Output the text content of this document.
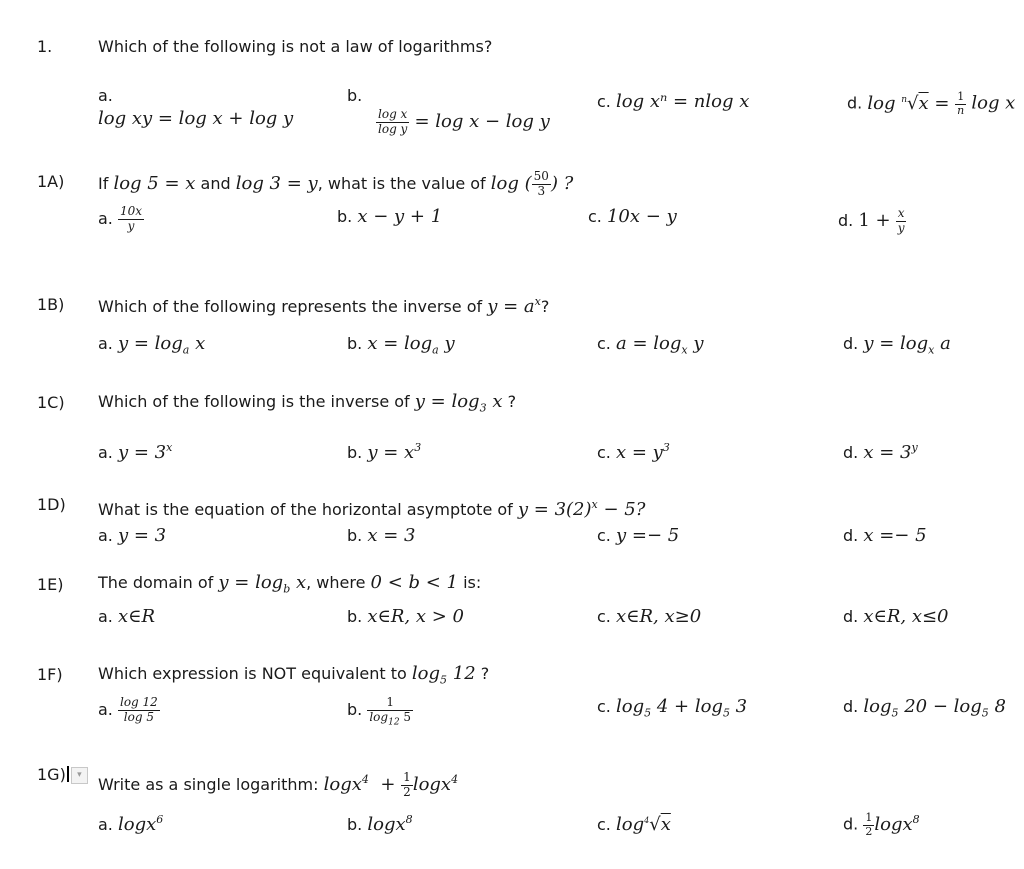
1.	Which of the following is not a law of logarithms?
a.
log xy = log x + log y
b.
$\frac{\text{log x}}{\text{log y}} = \log x - \log y$
c. log xⁿ = nlog x	d. $\log ^n√x = \frac{1}{n}$ log x
1A) If log 5 = x and log 3 = y, what is the value of log ( $\frac{50}{3}$ ) ?
a. $\frac{10x}{y}$	b. x − y + 1	c. 10x − y	d. $1 + \frac{x}{y}$
1B) Which of the following represents the inverse of $y = a^x$?
a. $y = \log_a x$	b. $x = \log_a y$	c. $a = \log_x y$	d. $y = \log_x a$
1C) Which of the following is the inverse of $y = \log_3 x$ ?
a. $y = 3^x$	b. $y = x^3$	c. $x = y^3$	d. $x = 3^y$
1D) What is the equation of the horizontal asymptote of $y = 3(2)^x - 5$?
a. y = 3	b. x = 3	c. y =− 5	d. x =− 5
1E) The domain of $y = \log_b x$, where 0 < b < 1 is:
a. x∈R	b. x∈R, x > 0	c. x∈R, x≥0	d. x∈R, x≤0
1F) Which expression is NOT equivalent to $\log_5 12$ ?
a. $\frac{\log 12}{\log 5}$	b. $\frac{1}{\log_{12} 5}$	c. $\log_5 4 + \log_5 3$	d. $\log_5 20 - \log_5 8$
1G) ▾	Write as a single logarithm: $\log x^4 + \frac{1}{2} \log x^4$
a. logx$^6$	b. logx$^8$	c. $\log^4√x$	d. $\frac{1}{2} \log x^8$
